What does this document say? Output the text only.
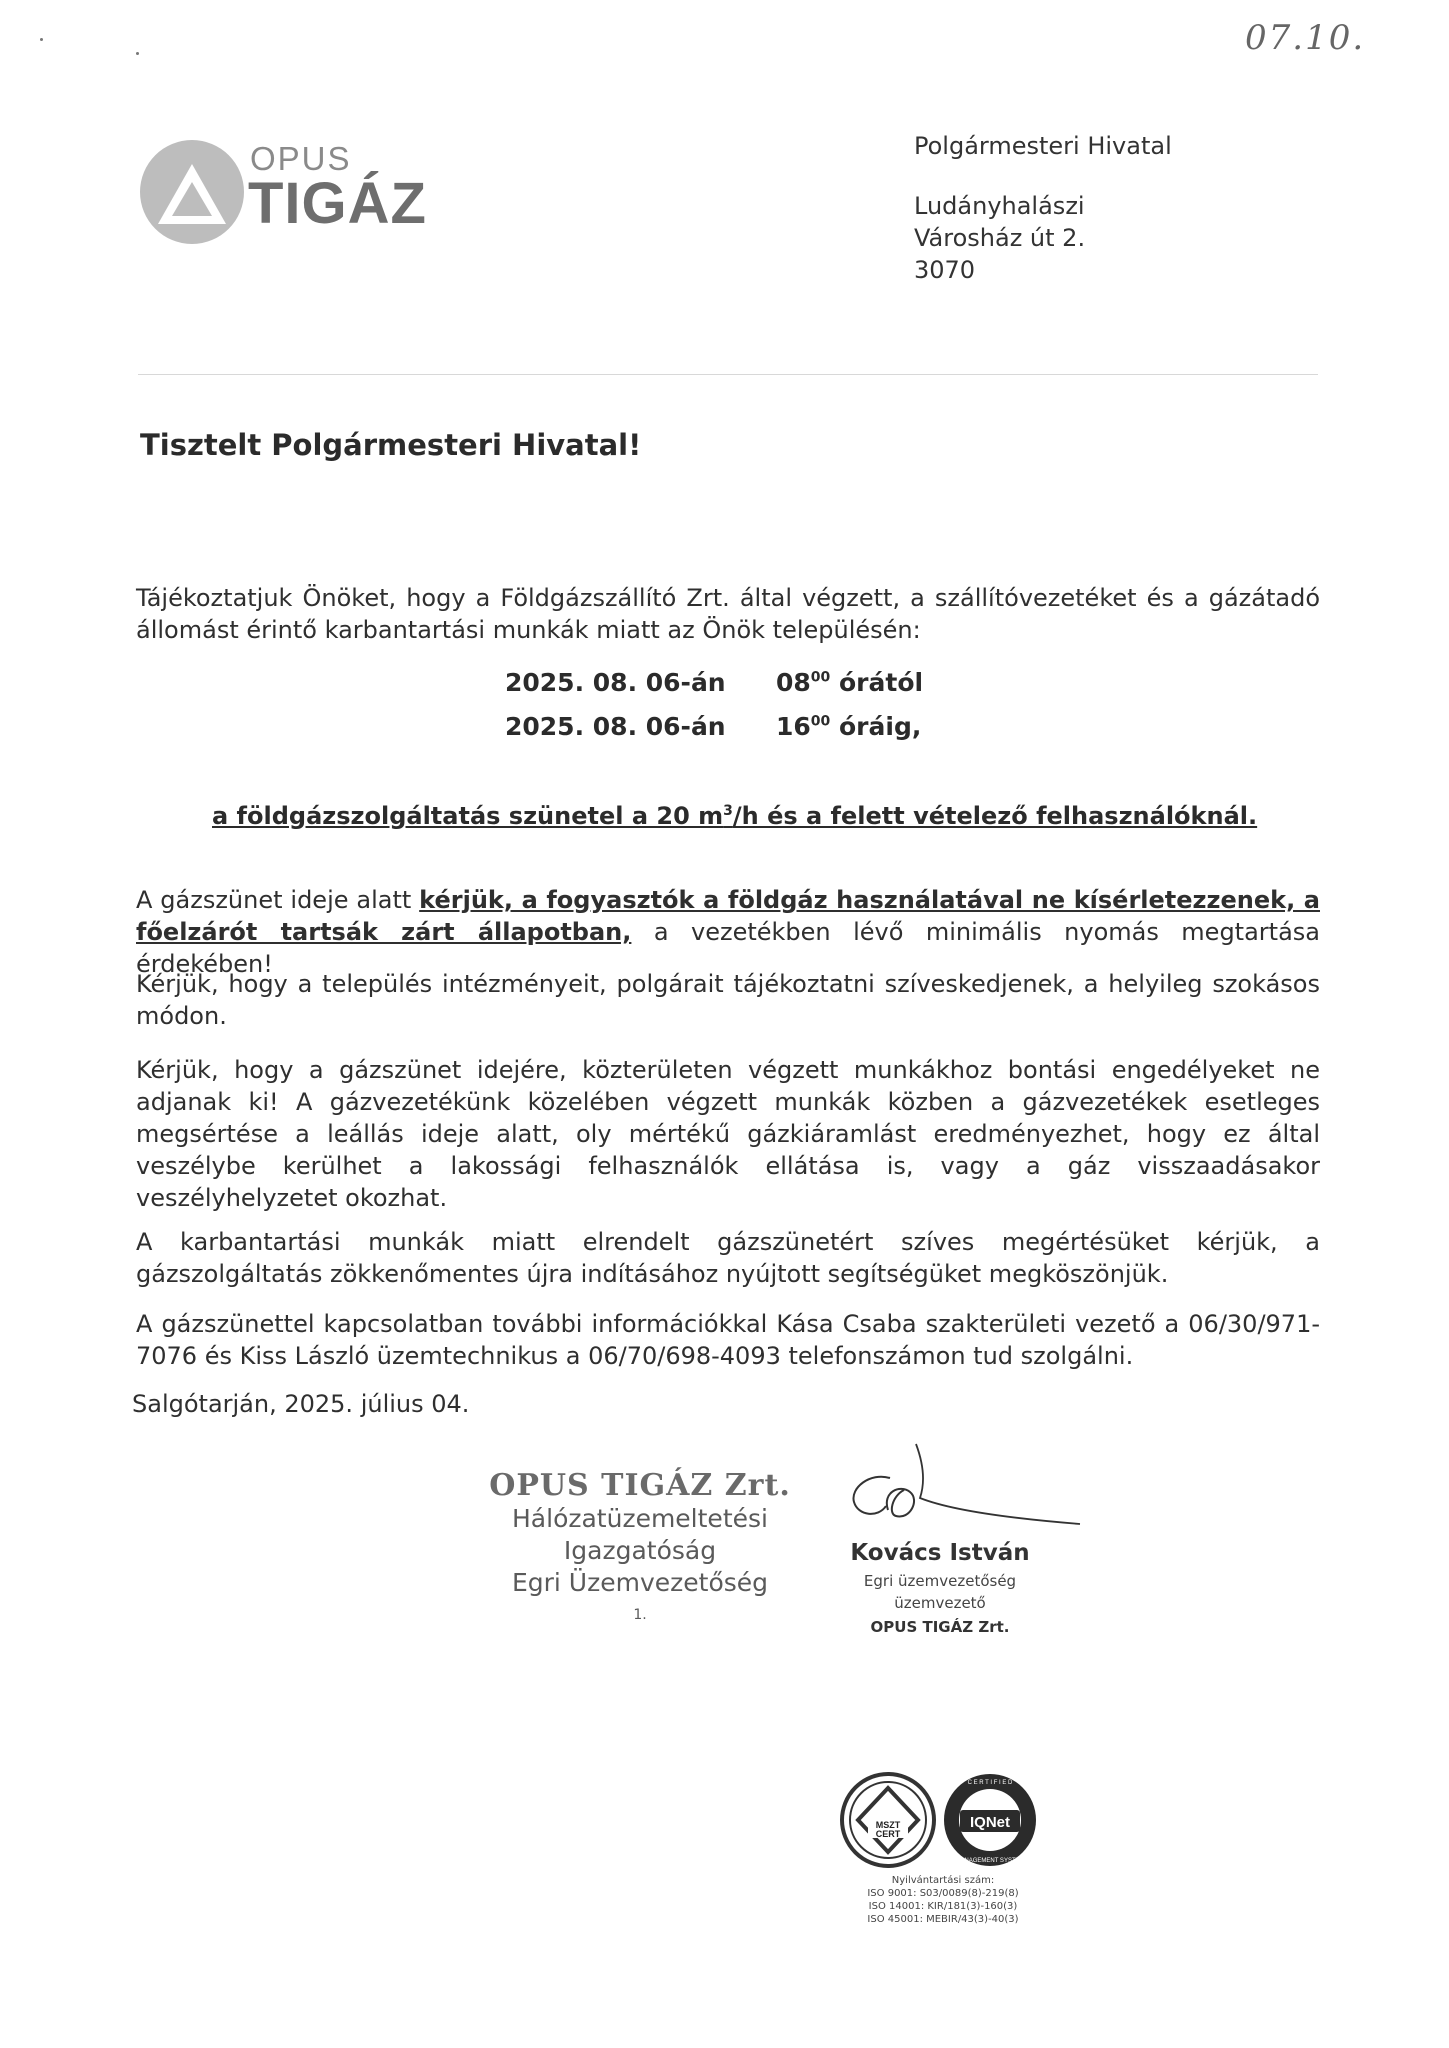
07.10.
OPUS
TIGÁZ
Polgármesteri Hivatal
Ludányhalászi
Városház út 2.
3070
Tisztelt Polgármesteri Hivatal!
Tájékoztatjuk Önöket, hogy a Földgázszállító Zrt. által végzett, a szállítóvezetéket és a gázátadó állomást érintő karbantartási munkák miatt az Önök településén:
2025. 08. 06-án $08^{00}$ órától
2025. 08. 06-án $16^{00}$ óráig,
a földgázszolgáltatás szünetel a 20 $m^3/h$ és a felett vételező felhasználóknál.
A gázszünet ideje alatt kérjük, a fogyasztók a földgáz használatával ne kísérletezzenek, a főelzárót tartsák zárt állapotban, a vezetékben lévő minimális nyomás megtartása érdekében!
Kérjük, hogy a település intézményeit, polgárait tájékoztatni szíveskedjenek, a helyileg szokásos módon.
Kérjük, hogy a gázszünet idejére, közterületen végzett munkákhoz bontási engedélyeket ne adjanak ki! A gázvezetékünk közelében végzett munkák közben a gázvezetékek esetleges megsértése a leállás ideje alatt, oly mértékű gázkiáramlást eredményezhet, hogy ez által veszélybe kerülhet a lakossági felhasználók ellátása is, vagy a gáz visszaadásakor veszélyhelyzetet okozhat.
A karbantartási munkák miatt elrendelt gázszünetért szíves megértésüket kérjük, a gázszolgáltatás zökkenőmentes újra indításához nyújtott segítségüket megköszönjük.
A gázszünettel kapcsolatban további információkkal Kása Csaba szakterületi vezető a 06/30/971-7076 és Kiss László üzemtechnikus a 06/70/698-4093 telefonszámon tud szolgálni.
Salgótarján, 2025. július 04.
OPUS TIGÁZ Zrt.
Hálózatüzemeltetési Igazgatóság
Egri Üzemvezetőség
1.
Kovács István
Egri üzemvezetőség
üzemvezető
OPUS TIGÁZ Zrt.
MSZT
CERT
IQNet
C E R T I F I E D
MANAGEMENT SYSTEM
Nyilvántartási szám:
ISO 9001: S03/0089(8)-219(8)
ISO 14001: KIR/181(3)-160(3)
ISO 45001: MEBIR/43(3)-40(3)
